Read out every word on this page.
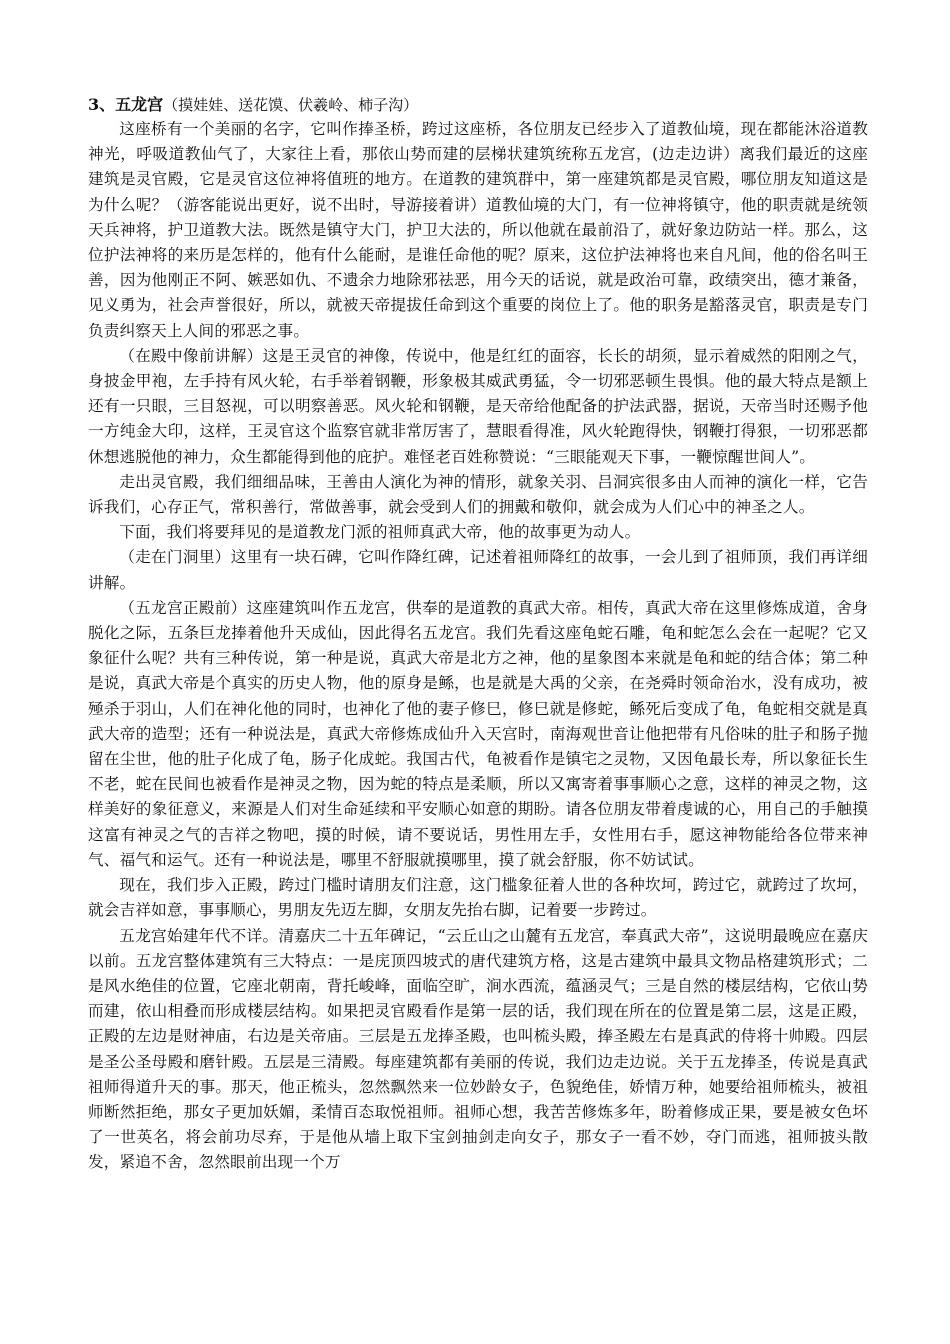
3、五龙宫（摸娃娃、送花馍、伏羲岭、柿子沟）

这座桥有一个美丽的名字，它叫作捧圣桥，跨过这座桥，各位朋友已经步入了道教仙境，现在都能沐浴道教神光，呼吸道教仙气了，大家往上看，那依山势而建的层梯状建筑统称五龙宫，(边走边讲）离我们最近的这座建筑是灵官殿，它是灵官这位神将值班的地方。在道教的建筑群中，第一座建筑都是灵官殿，哪位朋友知道这是为什么呢？（游客能说出更好，说不出时，导游接着讲）道教仙境的大门，有一位神将镇守，他的职责就是统领天兵神将，护卫道教大法。既然是镇守大门，护卫大法的，所以他就在最前沿了，就好象边防站一样。那么，这位护法神将的来历是怎样的，他有什么能耐，是谁任命他的呢？原来，这位护法神将也来自凡间，他的俗名叫王善，因为他刚正不阿、嫉恶如仇、不遗余力地除邪祛恶，用今天的话说，就是政治可靠，政绩突出，德才兼备，见义勇为，社会声誉很好，所以，就被天帝提拔任命到这个重要的岗位上了。他的职务是豁落灵官，职责是专门负责纠察天上人间的邪恶之事。

（在殿中像前讲解）这是王灵官的神像，传说中，他是红红的面容，长长的胡须，显示着威然的阳刚之气，身披金甲袍，左手持有风火轮，右手举着钢鞭，形象极其威武勇猛，令一切邪恶顿生畏惧。他的最大特点是额上还有一只眼，三目怒视，可以明察善恶。风火轮和钢鞭，是天帝给他配备的护法武器，据说，天帝当时还赐予他一方纯金大印，这样，王灵官这个监察官就非常厉害了，慧眼看得准，风火轮跑得快，钢鞭打得狠，一切邪恶都休想逃脱他的神力，众生都能得到他的庇护。难怪老百姓称赞说：“三眼能观天下事，一鞭惊醒世间人”。

走出灵官殿，我们细细品味，王善由人演化为神的情形，就象关羽、吕洞宾很多由人而神的演化一样，它告诉我们，心存正气，常积善行，常做善事，就会受到人们的拥戴和敬仰，就会成为人们心中的神圣之人。

下面，我们将要拜见的是道教龙门派的祖师真武大帝，他的故事更为动人。

（走在门洞里）这里有一块石碑，它叫作降红碑，记述着祖师降红的故事，一会儿到了祖师顶，我们再详细讲解。

（五龙宫正殿前）这座建筑叫作五龙宫，供奉的是道教的真武大帝。相传，真武大帝在这里修炼成道，舍身脱化之际，五条巨龙捧着他升天成仙，因此得名五龙宫。我们先看这座龟蛇石雕，龟和蛇怎么会在一起呢？它又象征什么呢？共有三种传说，第一种是说，真武大帝是北方之神，他的星象图本来就是龟和蛇的结合体；第二种是说，真武大帝是个真实的历史人物，他的原身是鲧，也是就是大禹的父亲，在尧舜时领命治水，没有成功，被殛杀于羽山，人们在神化他的同时，也神化了他的妻子修巳，修巳就是修蛇，鲧死后变成了龟，龟蛇相交就是真武大帝的造型；还有一种说法是，真武大帝修炼成仙升入天宫时，南海观世音让他把带有凡俗味的肚子和肠子抛留在尘世，他的肚子化成了龟，肠子化成蛇。我国古代，龟被看作是镇宅之灵物，又因龟最长寿，所以象征长生不老，蛇在民间也被看作是神灵之物，因为蛇的特点是柔顺，所以又寓寄着事事顺心之意，这样的神灵之物，这样美好的象征意义，来源是人们对生命延续和平安顺心如意的期盼。请各位朋友带着虔诚的心，用自己的手触摸这富有神灵之气的吉祥之物吧，摸的时候，请不要说话，男性用左手，女性用右手，愿这神物能给各位带来神气、福气和运气。还有一种说法是，哪里不舒服就摸哪里，摸了就会舒服，你不妨试试。

现在，我们步入正殿，跨过门槛时请朋友们注意，这门槛象征着人世的各种坎坷，跨过它，就跨过了坎坷，就会吉祥如意，事事顺心，男朋友先迈左脚，女朋友先抬右脚，记着要一步跨过。

五龙宫始建年代不详。清嘉庆二十五年碑记，“云丘山之山麓有五龙宫，奉真武大帝”，这说明最晚应在嘉庆以前。五龙宫整体建筑有三大特点：一是庑顶四坡式的唐代建筑方格，这是古建筑中最具文物品格建筑形式；二是风水绝佳的位置，它座北朝南，背托峻峰，面临空旷，涧水西流，蕴涵灵气；三是自然的楼层结构，它依山势而建，依山相叠而形成楼层结构。如果把灵官殿看作是第一层的话，我们现在所在的位置是第二层，这是正殿，正殿的左边是财神庙，右边是关帝庙。三层是五龙捧圣殿，也叫梳头殿，捧圣殿左右是真武的侍将十帅殿。四层是圣公圣母殿和磨针殿。五层是三清殿。每座建筑都有美丽的传说，我们边走边说。关于五龙捧圣，传说是真武祖师得道升天的事。那天，他正梳头，忽然飘然来一位妙龄女子，色貌绝佳，娇情万种，她要给祖师梳头，被祖师断然拒绝，那女子更加妖媚，柔情百态取悦祖师。祖师心想，我苦苦修炼多年，盼着修成正果，要是被女色坏了一世英名，将会前功尽弃，于是他从墙上取下宝剑抽剑走向女子，那女子一看不妙，夺门而逃，祖师披头散发，紧追不舍，忽然眼前出现一个万
